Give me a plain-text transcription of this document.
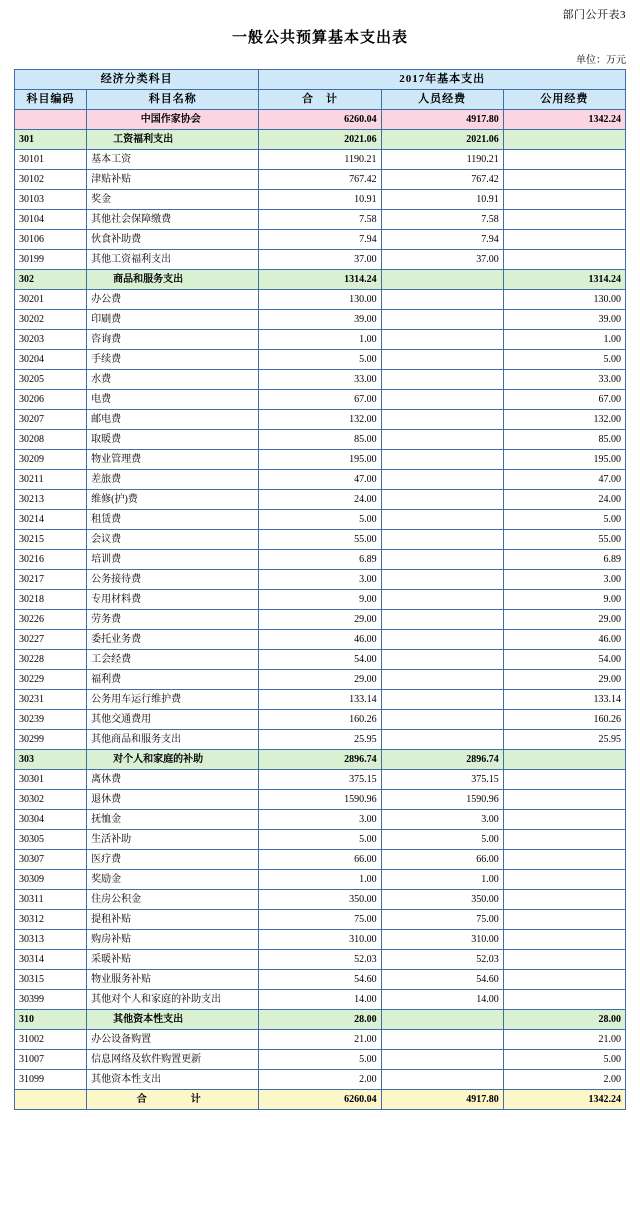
部门公开表3
一般公共预算基本支出表
单位：万元
经济分类科目		2017年基本支出		
科目编码	科目名称	合　计	人员经费	公用经费
	中国作家协会	6260.04	4917.80	1342.24
301	工资福利支出	2021.06	2021.06	
30101	基本工资	1190.21	1190.21	
30102	津贴补贴	767.42	767.42	
30103	奖金	10.91	10.91	
30104	其他社会保障缴费	7.58	7.58	
30106	伙食补助费	7.94	7.94	
30199	其他工资福利支出	37.00	37.00	
302	商品和服务支出	1314.24		1314.24
30201	办公费	130.00		130.00
30202	印刷费	39.00		39.00
30203	咨询费	1.00		1.00
30204	手续费	5.00		5.00
30205	水费	33.00		33.00
30206	电费	67.00		67.00
30207	邮电费	132.00		132.00
30208	取暖费	85.00		85.00
30209	物业管理费	195.00		195.00
30211	差旅费	47.00		47.00
30213	维修(护)费	24.00		24.00
30214	租赁费	5.00		5.00
30215	会议费	55.00		55.00
30216	培训费	6.89		6.89
30217	公务接待费	3.00		3.00
30218	专用材料费	9.00		9.00
30226	劳务费	29.00		29.00
30227	委托业务费	46.00		46.00
30228	工会经费	54.00		54.00
30229	福利费	29.00		29.00
30231	公务用车运行维护费	133.14		133.14
30239	其他交通费用	160.26		160.26
30299	其他商品和服务支出	25.95		25.95
303	对个人和家庭的补助	2896.74	2896.74	
30301	离休费	375.15	375.15	
30302	退休费	1590.96	1590.96	
30304	抚恤金	3.00	3.00	
30305	生活补助	5.00	5.00	
30307	医疗费	66.00	66.00	
30309	奖励金	1.00	1.00	
30311	住房公积金	350.00	350.00	
30312	提租补贴	75.00	75.00	
30313	购房补贴	310.00	310.00	
30314	采暖补贴	52.03	52.03	
30315	物业服务补贴	54.60	54.60	
30399	其他对个人和家庭的补助支出	14.00	14.00	
310	其他资本性支出	28.00		28.00
31002	办公设备购置	21.00		21.00
31007	信息网络及软件购置更新	5.00		5.00
31099	其他资本性支出	2.00		2.00
	合　　计	6260.04	4917.80	1342.24
